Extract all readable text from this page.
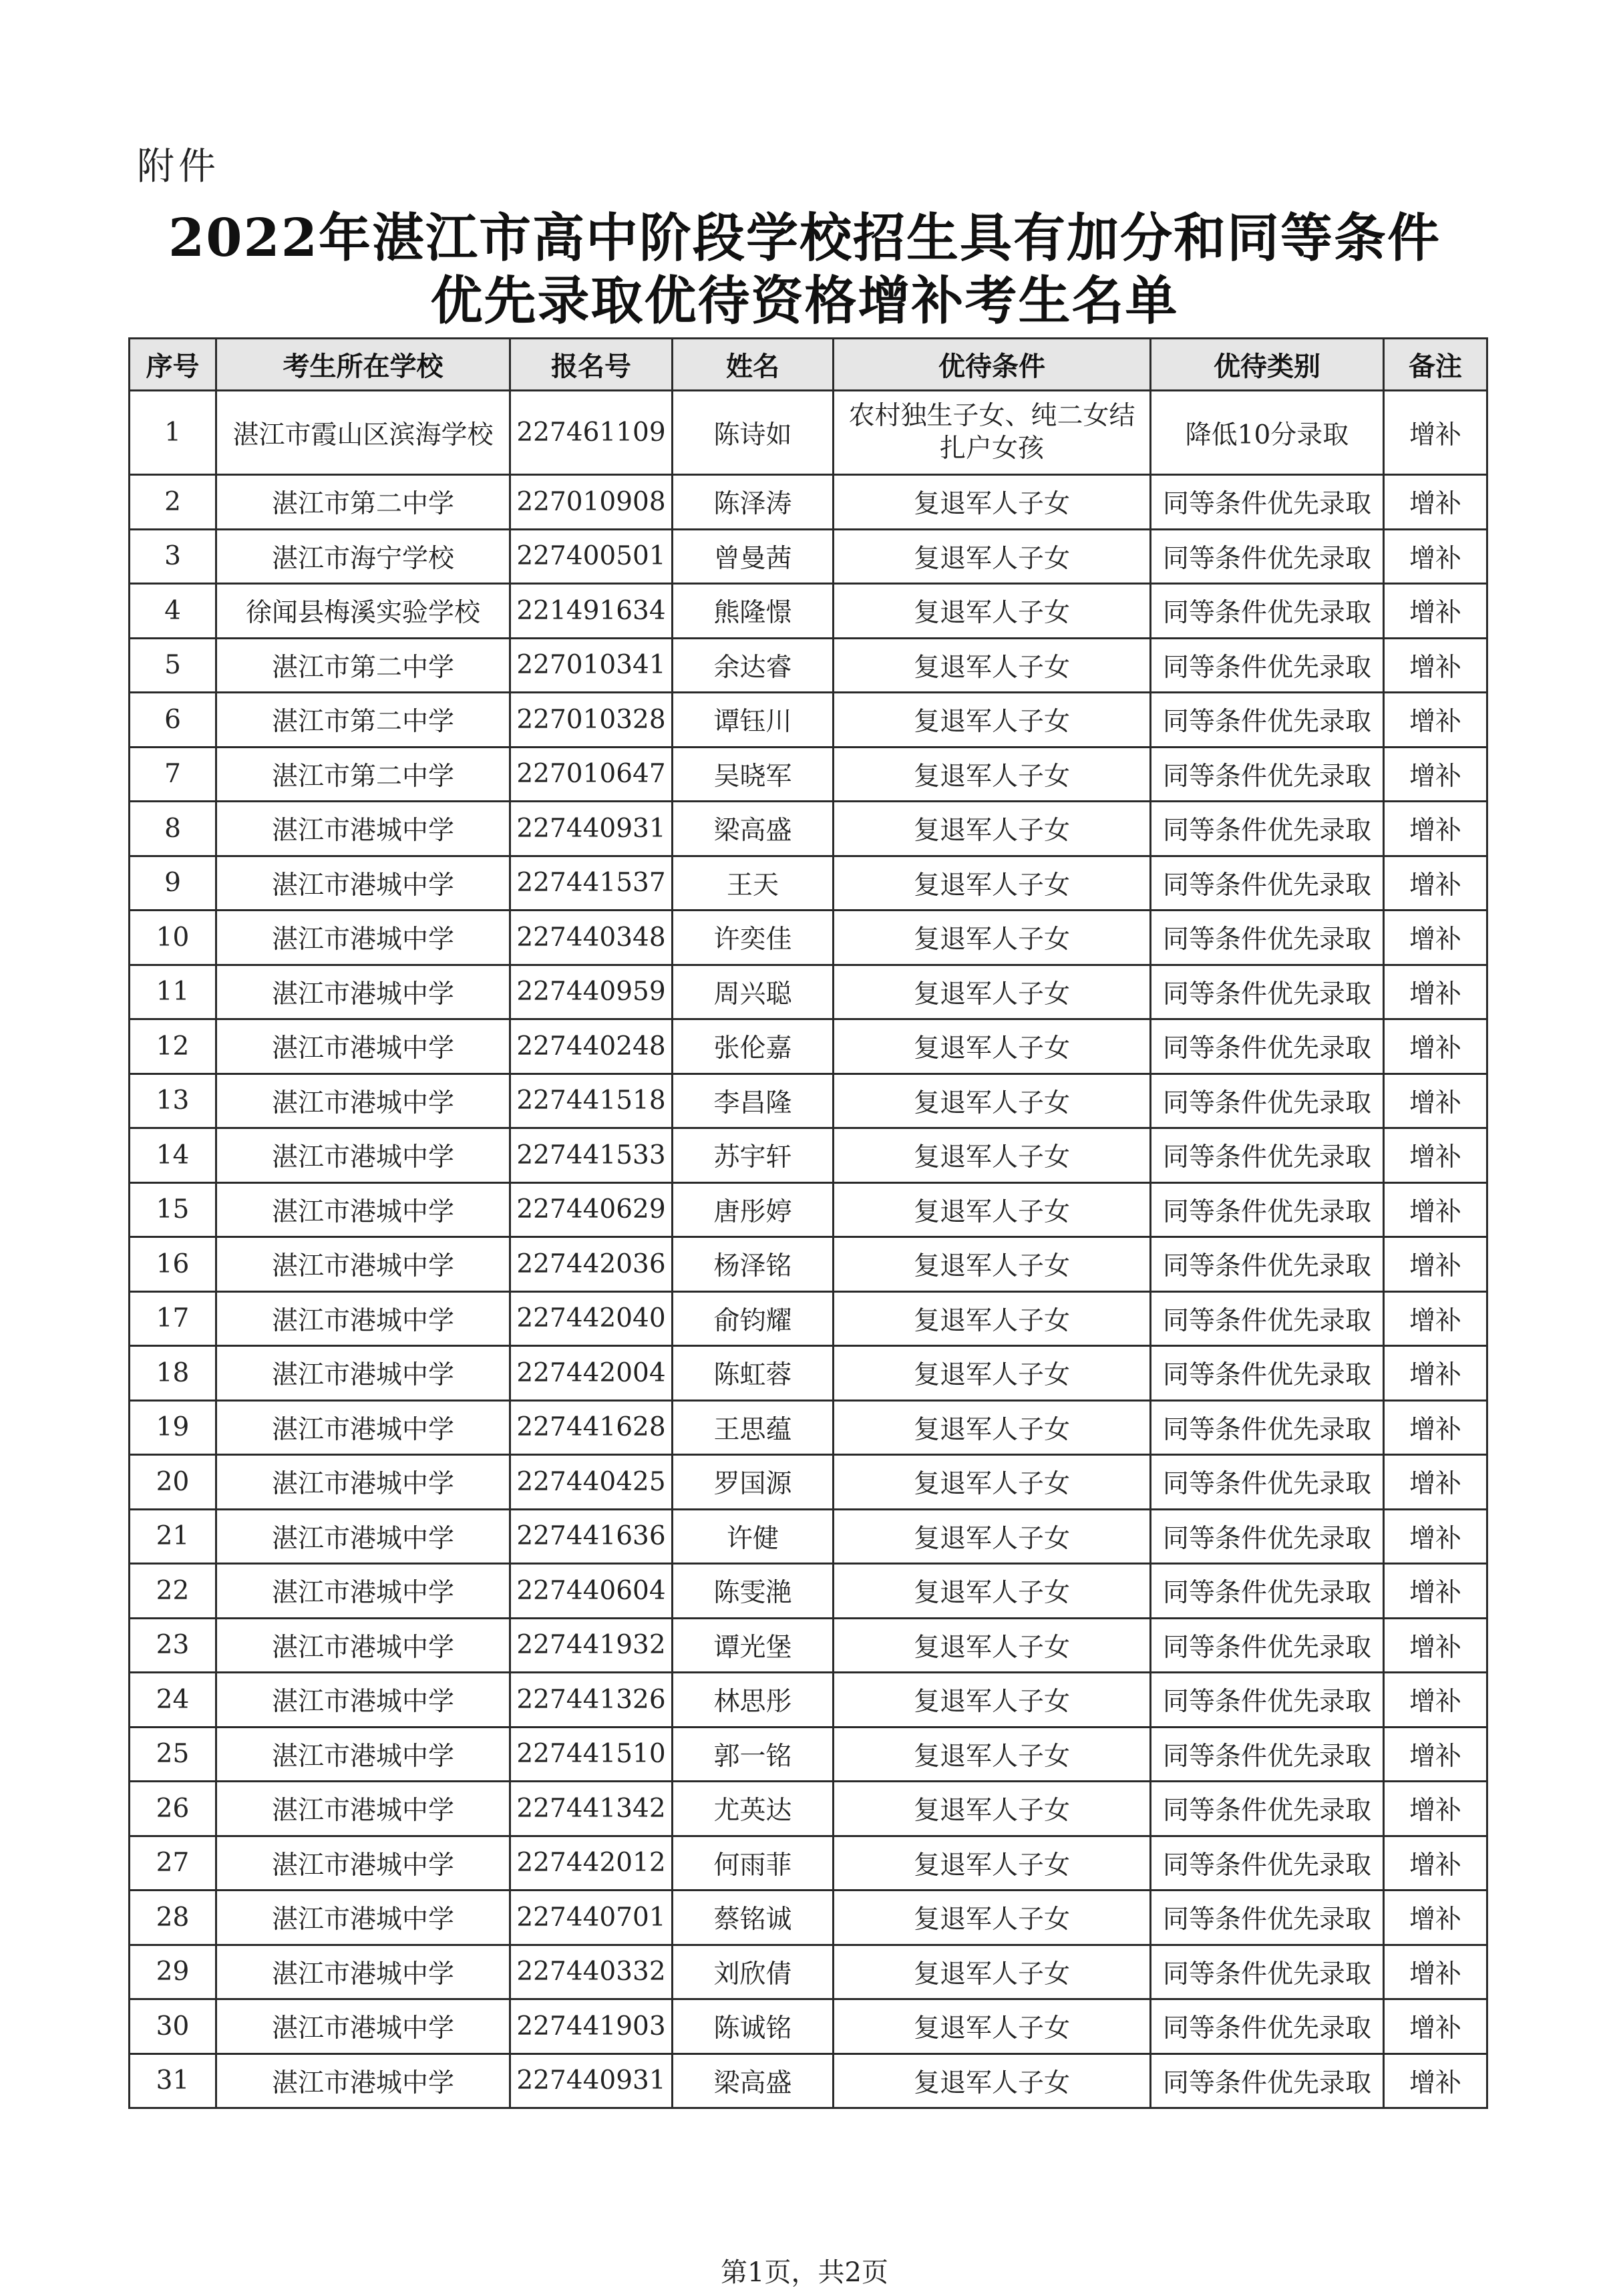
附件
2022年湛江市高中阶段学校招生具有加分和同等条件
优先录取优待资格增补考生名单
序号	考生所在学校	报名号	姓名	优待条件	优待类别	备注
1	湛江市霞山区滨海学校	227461109	陈诗如	农村独生子女、纯二女结扎户女孩	降低10分录取	增补
2	湛江市第二中学	227010908	陈泽涛	复退军人子女	同等条件优先录取	增补
3	湛江市海宁学校	227400501	曾曼茜	复退军人子女	同等条件优先录取	增补
4	徐闻县梅溪实验学校	221491634	熊隆憬	复退军人子女	同等条件优先录取	增补
5	湛江市第二中学	227010341	余达睿	复退军人子女	同等条件优先录取	增补
6	湛江市第二中学	227010328	谭钰川	复退军人子女	同等条件优先录取	增补
7	湛江市第二中学	227010647	吴晓军	复退军人子女	同等条件优先录取	增补
8	湛江市港城中学	227440931	梁高盛	复退军人子女	同等条件优先录取	增补
9	湛江市港城中学	227441537	王天	复退军人子女	同等条件优先录取	增补
10	湛江市港城中学	227440348	许奕佳	复退军人子女	同等条件优先录取	增补
11	湛江市港城中学	227440959	周兴聪	复退军人子女	同等条件优先录取	增补
12	湛江市港城中学	227440248	张伦嘉	复退军人子女	同等条件优先录取	增补
13	湛江市港城中学	227441518	李昌隆	复退军人子女	同等条件优先录取	增补
14	湛江市港城中学	227441533	苏宇轩	复退军人子女	同等条件优先录取	增补
15	湛江市港城中学	227440629	唐彤婷	复退军人子女	同等条件优先录取	增补
16	湛江市港城中学	227442036	杨泽铭	复退军人子女	同等条件优先录取	增补
17	湛江市港城中学	227442040	俞钧耀	复退军人子女	同等条件优先录取	增补
18	湛江市港城中学	227442004	陈虹蓉	复退军人子女	同等条件优先录取	增补
19	湛江市港城中学	227441628	王思蕴	复退军人子女	同等条件优先录取	增补
20	湛江市港城中学	227440425	罗国源	复退军人子女	同等条件优先录取	增补
21	湛江市港城中学	227441636	许健	复退军人子女	同等条件优先录取	增补
22	湛江市港城中学	227440604	陈雯滟	复退军人子女	同等条件优先录取	增补
23	湛江市港城中学	227441932	谭光堡	复退军人子女	同等条件优先录取	增补
24	湛江市港城中学	227441326	林思彤	复退军人子女	同等条件优先录取	增补
25	湛江市港城中学	227441510	郭一铭	复退军人子女	同等条件优先录取	增补
26	湛江市港城中学	227441342	尤英达	复退军人子女	同等条件优先录取	增补
27	湛江市港城中学	227442012	何雨菲	复退军人子女	同等条件优先录取	增补
28	湛江市港城中学	227440701	蔡铭诚	复退军人子女	同等条件优先录取	增补
29	湛江市港城中学	227440332	刘欣倩	复退军人子女	同等条件优先录取	增补
30	湛江市港城中学	227441903	陈诚铭	复退军人子女	同等条件优先录取	增补
31	湛江市港城中学	227440931	梁高盛	复退军人子女	同等条件优先录取	增补
第1页，共2页
